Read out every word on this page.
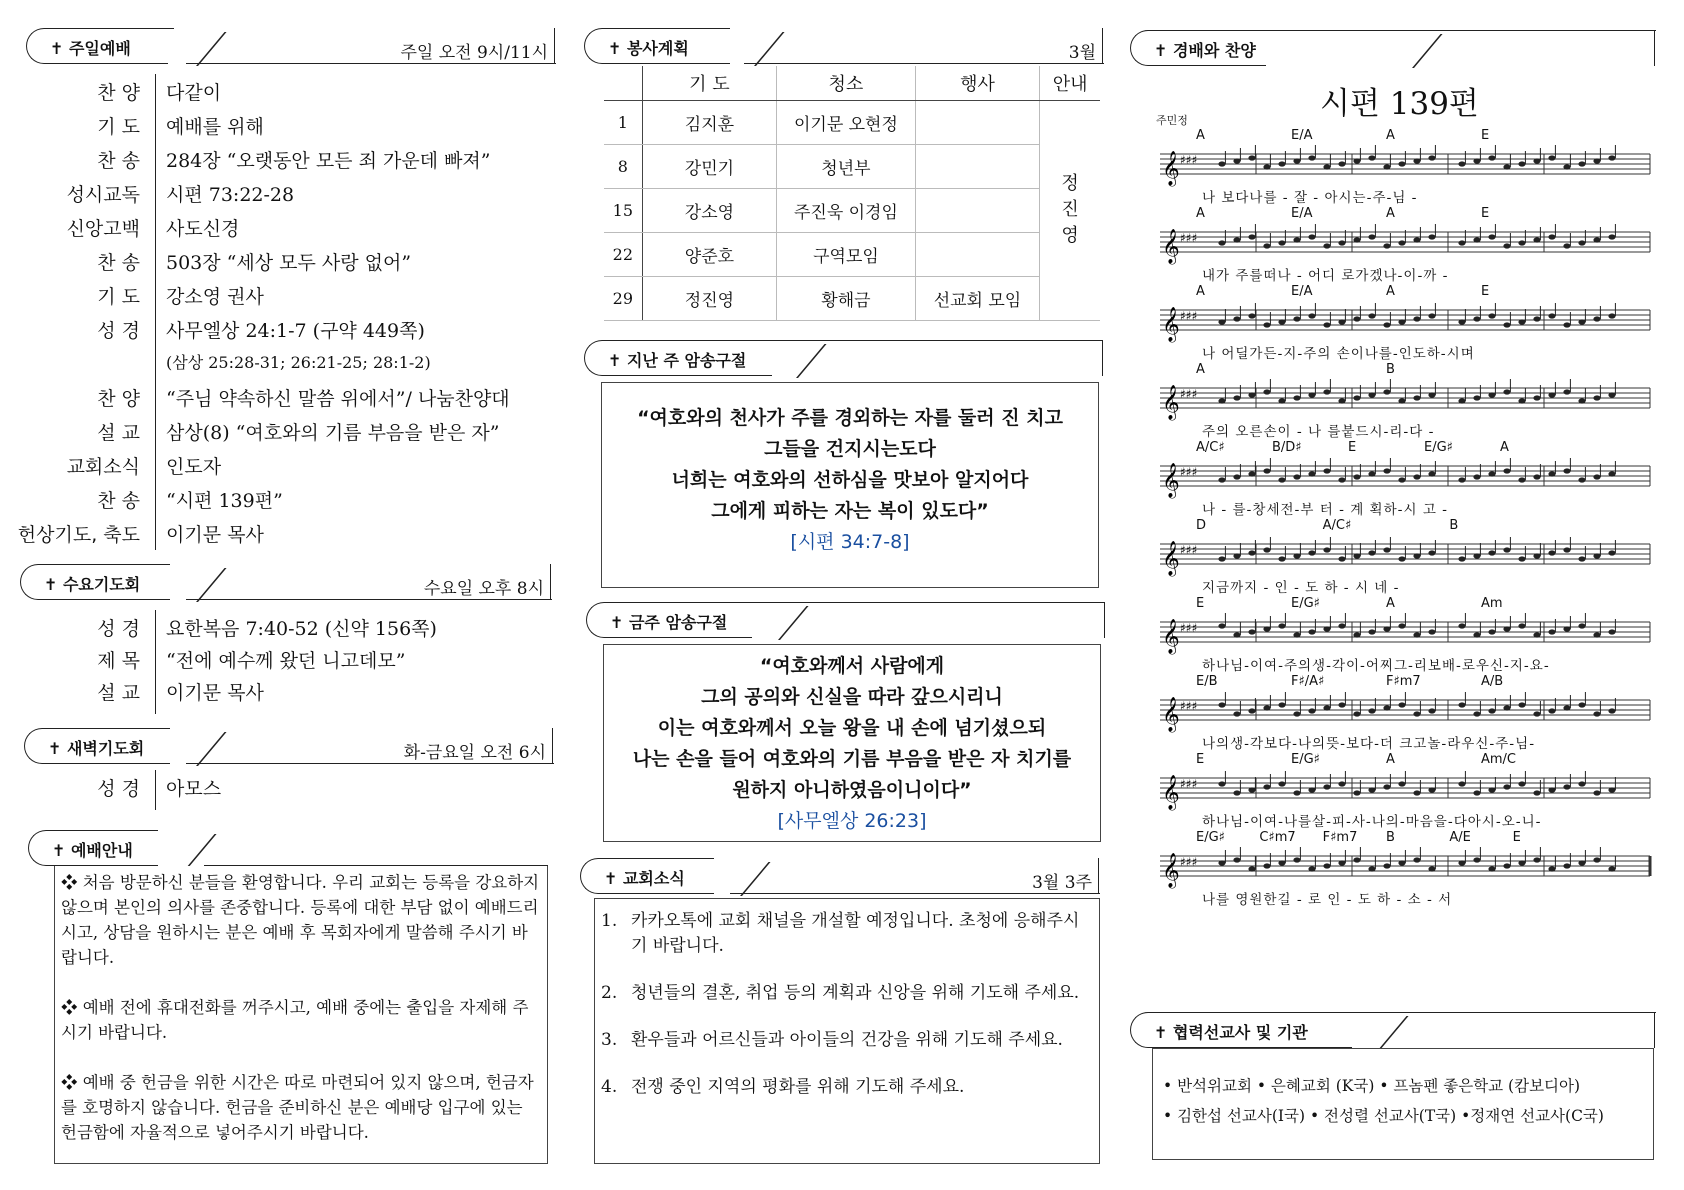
✝ 주일예배	주일 오전 9시/11시
찬 양	다같이
기 도	예배를 위해
찬 송	284장 “오랫동안 모든 죄 가운데 빠져”
성시교독	시편 73:22-28
신앙고백	사도신경
찬 송	503장 “세상 모두 사랑 없어”
기 도	강소영 권사
성 경	사무엘상 24:1-7 (구약 449쪽)
(삼상 25:28-31; 26:21-25; 28:1-2)
찬 양	“주님 약속하신 말씀 위에서”/ 나눔찬양대
설 교	삼상(8) “여호와의 기름 부음을 받은 자”
교회소식	인도자
찬 송	“시편 139편”
헌상기도, 축도	이기문 목사
✝ 수요기도회	수요일 오후 8시
성 경	요한복음 7:40-52 (신약 156쪽)
제 목	“전에 예수께 왔던 니고데모”
설 교	이기문 목사
✝ 새벽기도회	화-금요일 오전 6시
성 경	아모스
✝ 예배안내

❖ 처음 방문하신 분들을 환영합니다. 우리 교회는 등록을 강요하지 않으며 본인의 의사를 존중합니다. 등록에 대한 부담 없이 예배드리시고, 상담을 원하시는 분은 예배 후 목회자에게 말씀해 주시기 바랍니다.

❖ 예배 전에 휴대전화를 꺼주시고, 예배 중에는 출입을 자제해 주시기 바랍니다.

❖ 예배 중 헌금을 위한 시간은 따로 마련되어 있지 않으며, 헌금자를 호명하지 않습니다. 헌금을 준비하신 분은 예배당 입구에 있는 헌금함에 자율적으로 넣어주시기 바랍니다.

✝ 봉사계획	3월
	기 도	청소	행사	안내
1	김지훈	이기문 오현정		정
진
영

8	강민기	청년부		
15	강소영	주진욱 이경임		
22	양준호	구역모임		
29	정진영	황해금	선교회 모임	
✝ 지난 주 암송구절
“여호와의 천사가 주를 경외하는 자를 둘러 진 치고
그들을 건지시는도다
너희는 여호와의 선하심을 맛보아 알지어다
그에게 피하는 자는 복이 있도다”
[시편 34:7-8]
✝ 금주 암송구절
“여호와께서 사람에게
그의 공의와 신실을 따라 갚으시리니
이는 여호와께서 오늘 왕을 내 손에 넘기셨으되
나는 손을 들어 여호와의 기름 부음을 받은 자 치기를
원하지 아니하였음이니이다”
[사무엘상 26:23]
✝ 교회소식	3월 3주
1. 카카오톡에 교회 채널을 개설할 예정입니다. 초청에 응해주시기 바랍니다.
2. 청년들의 결혼, 취업 등의 계획과 신앙을 위해 기도해 주세요.
3. 환우들과 어르신들과 아이들의 건강을 위해 기도해 주세요.
4. 전쟁 중인 지역의 평화를 위해 기도해 주세요.
✝ 경배와 찬양
시편 139편
주민정
A	E/A	A	E
𝄞 ♯♯♯
나 보다나를 - 잘 - 아시는-주-님 -
A	E/A	A	E
𝄞 ♯♯♯
내가 주를떠나 - 어디 로가겠나-이-까 -
A	E/A	A	E
𝄞 ♯♯♯
나 어딜가든-지-주의 손이나를-인도하-시며
A	B
𝄞 ♯♯♯
주의 오른손이 - 나 를붙드시-리-다 -
A/C♯	B/D♯	E	E/G♯	A
𝄞 ♯♯♯
나 - 를-창세전-부 터 - 계 획하-시 고 -
D	A/C♯	B
𝄞 ♯♯♯
지금까지 - 인 - 도 하 - 시 네 -
E	E/G♯	A	Am
𝄞 ♯♯♯
하나님-이여-주의생-각이-어찌그-리보배-로우신-지-요-
E/B	F♯/A♯	F♯m7	A/B
𝄞 ♯♯♯
나의생-각보다-나의뜻-보다-더 크고놀-라우신-주-님-
E	E/G♯	A	Am/C
𝄞 ♯♯♯
하나님-이여-나를살-피-사-나의-마음을-다아시-오-니-
E/G♯	C♯m7 F♯m7 B	A/E	E
𝄞 ♯♯♯
나를 영원한길 - 로 인 - 도 하 - 소 - 서
✝ 협력선교사 및 기관
• 반석위교회 • 은혜교회 (K국) • 프놈펜 좋은학교 (캄보디아)
• 김한섭 선교사(I국) • 전성렬 선교사(T국) •정재연 선교사(C국)
